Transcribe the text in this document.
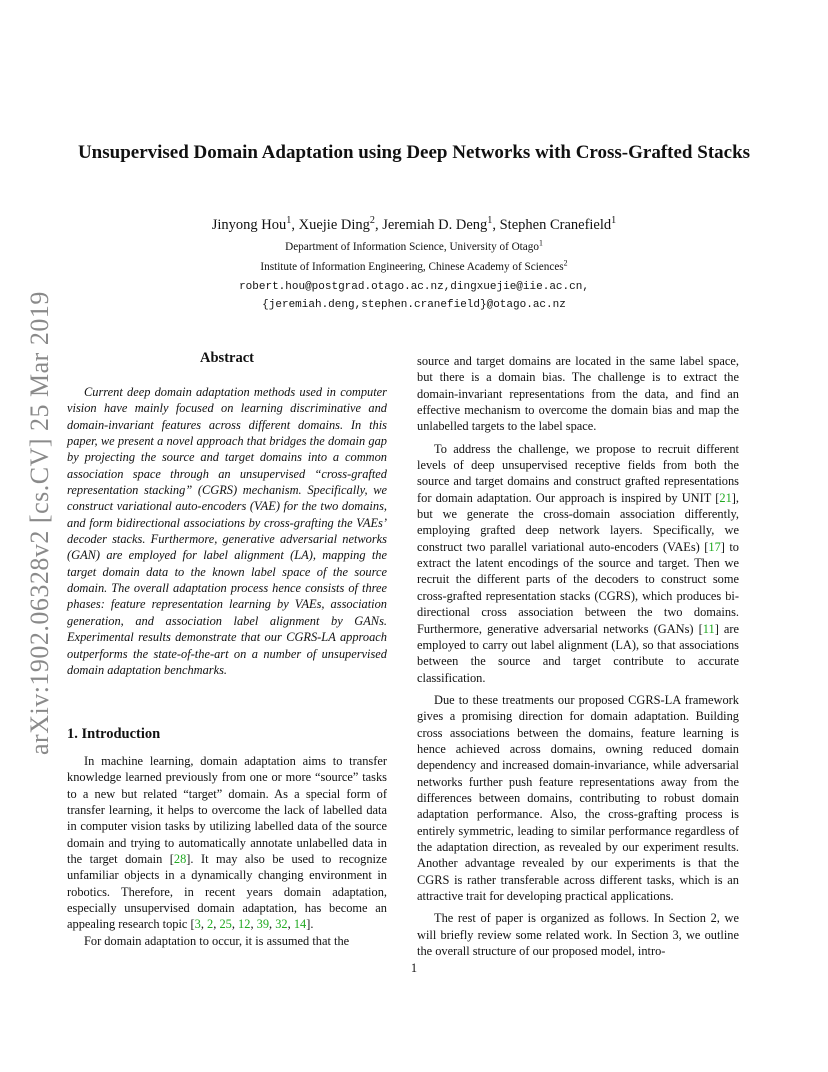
arXiv:1902.06328v2 [cs.CV] 25 Mar 2019
Unsupervised Domain Adaptation using Deep Networks with Cross-Grafted Stacks
Jinyong Hou$^1$, Xuejie Ding$^2$, Jeremiah D. Deng$^1$, Stephen Cranefield$^1$
Department of Information Science, University of Otago$^1$
Institute of Information Engineering, Chinese Academy of Sciences$^2$
robert.hou@postgrad.otago.ac.nz,dingxuejie@iie.ac.cn,
{jeremiah.deng,stephen.cranefield}@otago.ac.nz
Abstract

Current deep domain adaptation methods used in computer vision have mainly focused on learning discriminative and domain-invariant features across different domains. In this paper, we present a novel approach that bridges the domain gap by projecting the source and target domains into a common association space through an unsupervised “cross-grafted representation stacking” (CGRS) mechanism. Specifically, we construct variational auto-encoders (VAE) for the two domains, and form bidirectional associations by cross-grafting the VAEs’ decoder stacks. Furthermore, generative adversarial networks (GAN) are employed for label alignment (LA), mapping the target domain data to the known label space of the source domain. The overall adaptation process hence consists of three phases: feature representation learning by VAEs, association generation, and association label alignment by GANs. Experimental results demonstrate that our CGRS-LA approach outperforms the state-of-the-art on a number of unsupervised domain adaptation benchmarks.

1. Introduction

In machine learning, domain adaptation aims to transfer knowledge learned previously from one or more “source” tasks to a new but related “target” domain. As a special form of transfer learning, it helps to overcome the lack of labelled data in computer vision tasks by utilizing labelled data of the source domain and trying to automatically annotate unlabelled data in the target domain [28]. It may also be used to recognize unfamiliar objects in a dynamically changing environment in robotics. Therefore, in recent years domain adaptation, especially unsupervised domain adaptation, has become an appealing research topic [3, 2, 25, 12, 39, 32, 14].

For domain adaptation to occur, it is assumed that the

source and target domains are located in the same label space, but there is a domain bias. The challenge is to extract the domain-invariant representations from the data, and find an effective mechanism to overcome the domain bias and map the unlabelled targets to the label space.

To address the challenge, we propose to recruit different levels of deep unsupervised receptive fields from both the source and target domains and construct grafted representations for domain adaptation. Our approach is inspired by UNIT [21], but we generate the cross-domain association differently, employing grafted deep network layers. Specifically, we construct two parallel variational auto-encoders (VAEs) [17] to extract the latent encodings of the source and target. Then we recruit the different parts of the decoders to construct some cross-grafted representation stacks (CGRS), which produces bi-directional cross association between the two domains. Furthermore, generative adversarial networks (GANs) [11] are employed to carry out label alignment (LA), so that associations between the source and target contribute to accurate classification.

Due to these treatments our proposed CGRS-LA framework gives a promising direction for domain adaptation. Building cross associations between the domains, feature learning is hence achieved across domains, owning reduced domain dependency and increased domain-invariance, while adversarial networks further push feature representations away from the differences between domains, contributing to robust domain adaptation performance. Also, the cross-grafting process is entirely symmetric, leading to similar performance regardless of the adaptation direction, as revealed by our experiment results. Another advantage revealed by our experiments is that the CGRS is rather transferable across different tasks, which is an attractive trait for developing practical applications.

The rest of paper is organized as follows. In Section 2, we will briefly review some related work. In Section 3, we outline the overall structure of our proposed model, intro-

1
